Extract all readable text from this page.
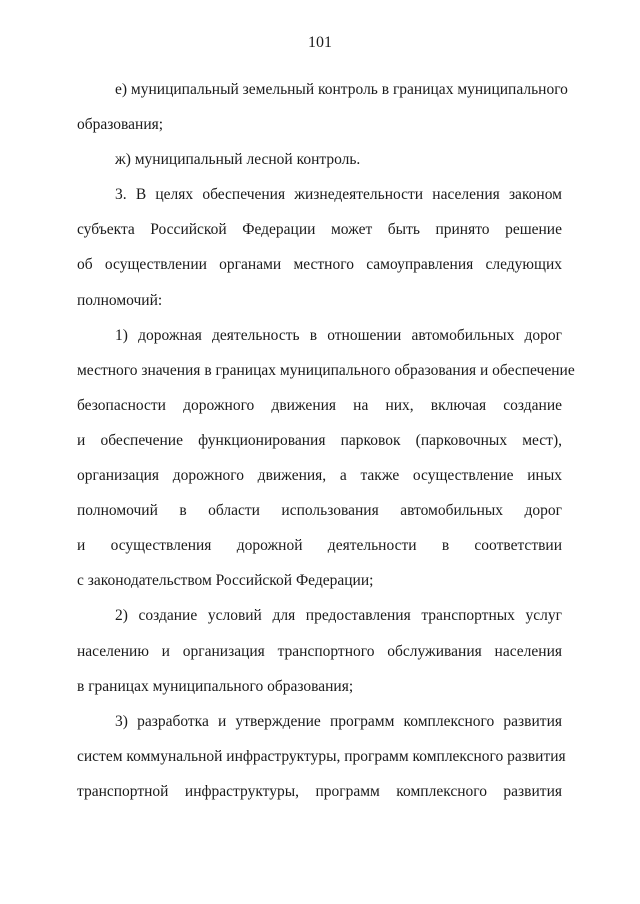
101
е) муниципальный земельный контроль в границах муниципального
образования;
ж) муниципальный лесной контроль.
3. В целях обеспечения жизнедеятельности населения законом
субъекта Российской Федерации может быть принято решение
об осуществлении органами местного самоуправления следующих
полномочий:
1) дорожная деятельность в отношении автомобильных дорог
местного значения в границах муниципального образования и обеспечение
безопасности дорожного движения на них, включая создание
и обеспечение функционирования парковок (парковочных мест),
организация дорожного движения, а также осуществление иных
полномочий в области использования автомобильных дорог
и осуществления дорожной деятельности в соответствии
с законодательством Российской Федерации;
2) создание условий для предоставления транспортных услуг
населению и организация транспортного обслуживания населения
в границах муниципального образования;
3) разработка и утверждение программ комплексного развития
систем коммунальной инфраструктуры, программ комплексного развития
транспортной инфраструктуры, программ комплексного развития
